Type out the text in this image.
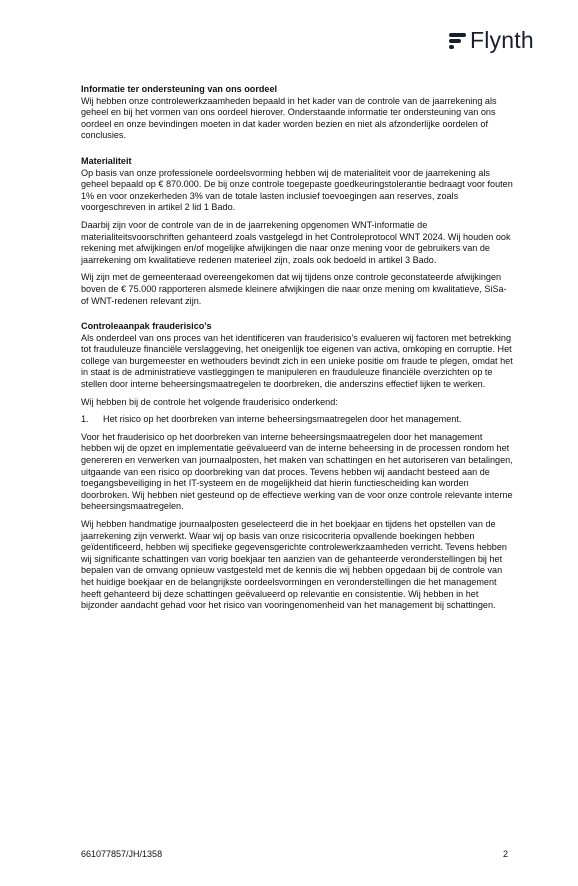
Flynth
Informatie ter ondersteuning van ons oordeel

Wij hebben onze controlewerkzaamheden bepaald in het kader van de controle van de jaarrekening als geheel en bij het vormen van ons oordeel hierover. Onderstaande informatie ter ondersteuning van ons oordeel en onze bevindingen moeten in dat kader worden bezien en niet als afzonderlijke oordelen of conclusies.

Materialiteit

Op basis van onze professionele oordeelsvorming hebben wij de materialiteit voor de jaarrekening als geheel bepaald op € 870.000. De bij onze controle toegepaste goedkeuringstolerantie bedraagt voor fouten 1% en voor onzekerheden 3% van de totale lasten inclusief toevoegingen aan reserves, zoals voorgeschreven in artikel 2 lid 1 Bado.

Daarbij zijn voor de controle van de in de jaarrekening opgenomen WNT-informatie de materialiteitsvoorschriften gehanteerd zoals vastgelegd in het Controleprotocol WNT 2024. Wij houden ook rekening met afwijkingen en/of mogelijke afwijkingen die naar onze mening voor de gebruikers van de jaarrekening om kwalitatieve redenen materieel zijn, zoals ook bedoeld in artikel 3 Bado.

Wij zijn met de gemeenteraad overeengekomen dat wij tijdens onze controle geconstateerde afwijkingen boven de € 75.000 rapporteren alsmede kleinere afwijkingen die naar onze mening om kwalitatieve, SiSa- of WNT-redenen relevant zijn.

Controleaanpak frauderisico’s

Als onderdeel van ons proces van het identificeren van frauderisico’s evalueren wij factoren met betrekking tot frauduleuze financiële verslaggeving, het oneigenlijk toe eigenen van activa, omkoping en corruptie. Het college van burgemeester en wethouders bevindt zich in een unieke positie om fraude te plegen, omdat het in staat is de administratieve vastleggingen te manipuleren en frauduleuze financiële overzichten op te stellen door interne beheersingsmaatregelen te doorbreken, die anderszins effectief lijken te werken.

Wij hebben bij de controle het volgende frauderisico onderkend:

1.	Het risico op het doorbreken van interne beheersingsmaatregelen door het management.

Voor het frauderisico op het doorbreken van interne beheersingsmaatregelen door het management hebben wij de opzet en implementatie geëvalueerd van de interne beheersing in de processen rondom het genereren en verwerken van journaalposten, het maken van schattingen en het autoriseren van betalingen, uitgaande van een risico op doorbreking van dat proces. Tevens hebben wij aandacht besteed aan de toegangsbeveiliging in het IT-systeem en de mogelijkheid dat hierin functiescheiding kan worden doorbroken. Wij hebben niet gesteund op de effectieve werking van de voor onze controle relevante interne beheersingsmaatregelen.

Wij hebben handmatige journaalposten geselecteerd die in het boekjaar en tijdens het opstellen van de jaarrekening zijn verwerkt. Waar wij op basis van onze risicocriteria opvallende boekingen hebben geïdentificeerd, hebben wij specifieke gegevensgerichte controlewerkzaamheden verricht. Tevens hebben wij significante schattingen van vorig boekjaar ten aanzien van de gehanteerde veronderstellingen bij het bepalen van de omvang opnieuw vastgesteld met de kennis die wij hebben opgedaan bij de controle van het huidige boekjaar en de belangrijkste oordeelsvormingen en veronderstellingen die het management heeft gehanteerd bij deze schattingen geëvalueerd op relevantie en consistentie. Wij hebben in het bijzonder aandacht gehad voor het risico van vooringenomenheid van het management bij schattingen.

661077857/JH/1358	2
